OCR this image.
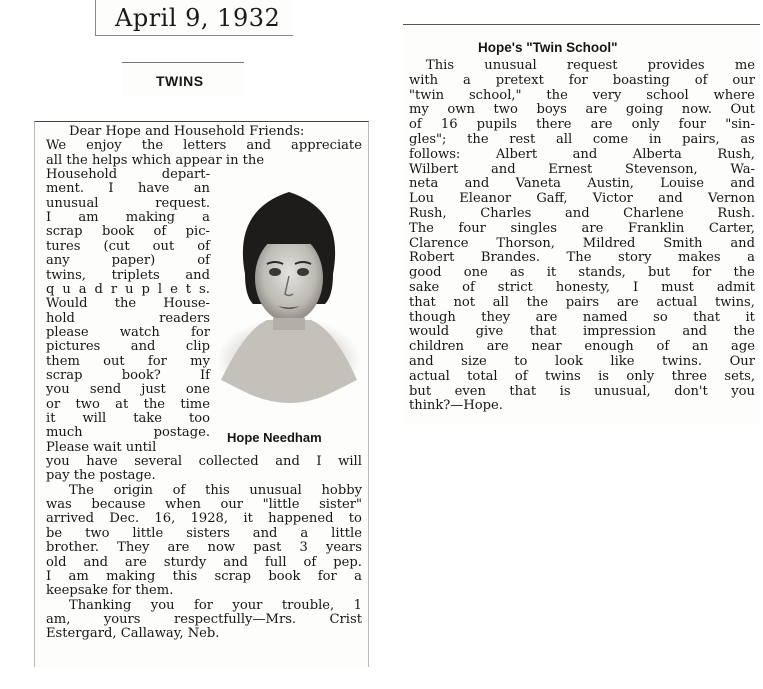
April 9, 1932
TWINS
Dear Hope and Household Friends:
We enjoy the letters and appreciate
all the helps which appear in the
Household	depart-
ment. I have an
unusual	request.
I am making a
scrap book of pic-
tures (cut out of
any	paper)	of
twins, triplets and
q u a d r u p l e t s.
Would the House-
hold	readers
please watch for
pictures and clip
them out for my
scrap	book?	If
you send just one
or two at the time
it will take too
much	postage.
Please wait until
you have several collected and I will
pay the postage.
The origin of this unusual hobby
was because when our "little sister"
arrived Dec. 16, 1928, it happened to
be two little sisters and a little
brother. They are now past 3 years
old and are sturdy and full of pep.
I am making this scrap book for a
keepsake for them.
Thanking you for your trouble, 1
am,	yours	respectfully—Mrs.	Crist
Estergard, Callaway, Neb.
Hope Needham
Hope's "Twin School"
This unusual request provides me
with a pretext for boasting of our
"twin school," the very school where
my own two boys are going now. Out
of 16 pupils there are only four "sin-
gles"; the rest all come in pairs, as
follows:	Albert	and	Alberta	Rush,
Wilbert and Ernest Stevenson, Wa-
neta and Vaneta Austin, Louise and
Lou Eleanor Gaff, Victor and Vernon
Rush,	Charles	and	Charlene	Rush.
The four singles are Franklin Carter,
Clarence Thorson, Mildred Smith and
Robert Brandes. The story makes a
good one as it stands, but for the
sake of strict honesty, I must admit
that not all the pairs are actual twins,
though they are named so that it
would give that impression and the
children are near enough of an age
and size to look like twins. Our
actual total of twins is only three sets,
but even that is unusual, don't you
think?—Hope.
